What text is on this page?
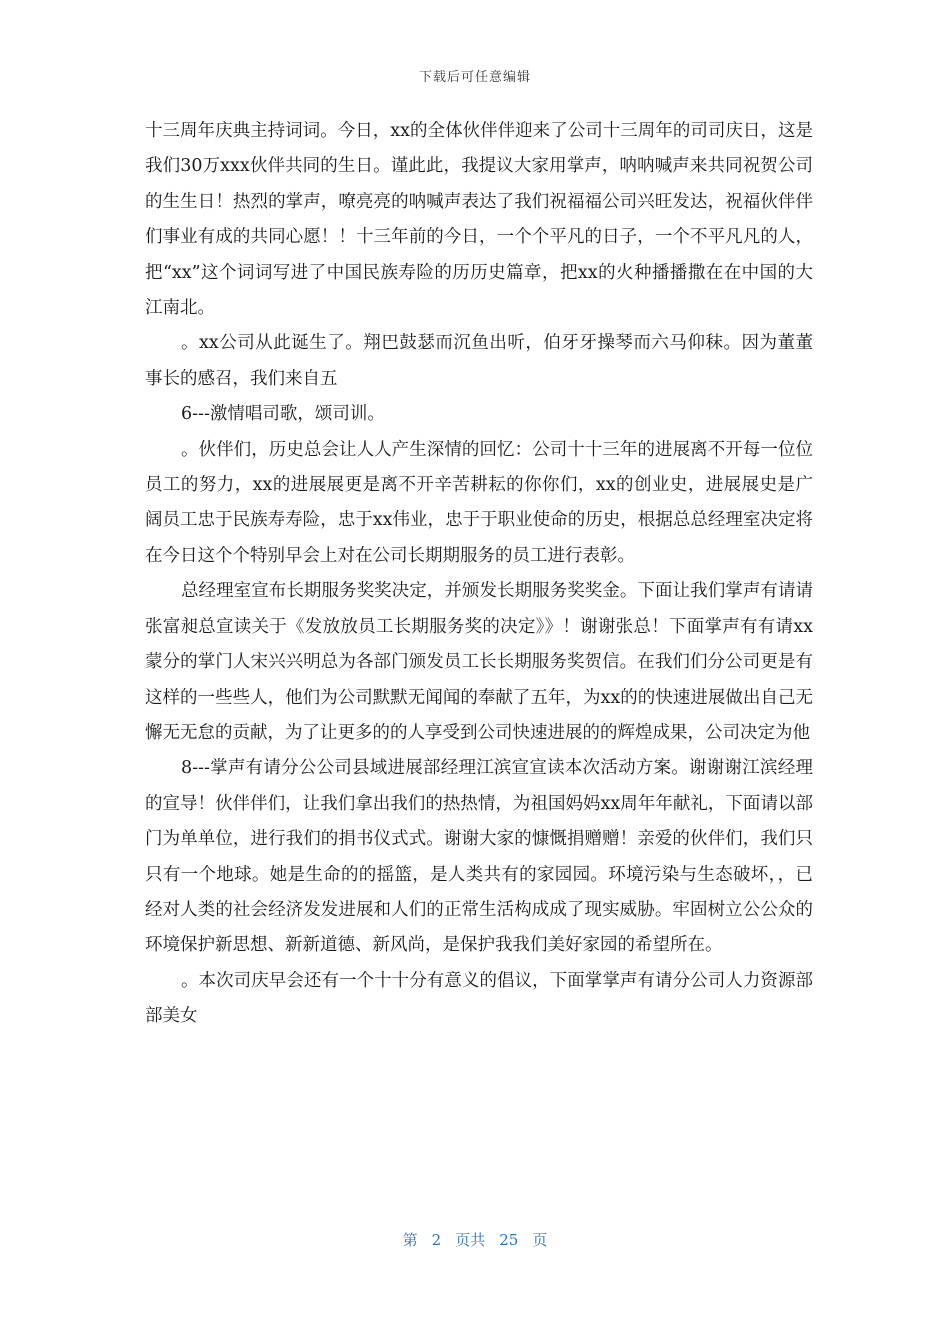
下载后可任意编辑

十三周年庆典主持词词。今日，xx的全体伙伴伴迎来了公司十三周年的司司庆日，这是我们30万xxx伙伴共同的生日。谨此此，我提议大家用掌声，呐呐喊声来共同祝贺公司的生生日！热烈的掌声，嘹亮亮的呐喊声表达了我们祝福福公司兴旺发达，祝福伙伴伴们事业有成的共同心愿！！十三年前的今日，一个个平凡的日子，一个不平凡凡的人，把“xx”这个词词写进了中国民族寿险的历历史篇章，把xx的火种播播撒在在中国的大江南北。

。xx公司从此诞生了。翔巴鼓瑟而沉鱼出听，伯牙牙操琴而六马仰秣。因为董董事长的感召，我们来自五

6---激情唱司歌，颂司训。

。伙伴们，历史总会让人人产生深情的回忆：公司十十三年的进展离不开每一位位员工的努力，xx的进展展更是离不开辛苦耕耘的你你们，xx的创业史，进展展史是广阔员工忠于民族寿寿险，忠于xx伟业，忠于于职业使命的历史，根据总总经理室决定将在今日这个个特别早会上对在公司长期期服务的员工进行表彰。

总经理室宣布长期服务奖奖决定，并颁发长期服务奖奖金。下面让我们掌声有请请张富昶总宣读关于《发放放员工长期服务奖的决定》》！谢谢张总！下面掌声有有请xx蒙分的掌门人宋兴兴明总为各部门颁发员工长长期服务奖贺信。在我们们分公司更是有这样的一些些人，他们为公司默默无闻闻的奉献了五年，为xx的的快速进展做出自己无懈无无怠的贡献，为了让更多的的人享受到公司快速进展的的辉煌成果，公司决定为他

8---掌声有请分公公司县域进展部经理江滨宣宣读本次活动方案。谢谢谢江滨经理的宣导！伙伴伴们，让我们拿出我们的热热情，为祖国妈妈xx周年年献礼，下面请以部门为单单位，进行我们的捐书仪式式。谢谢大家的慷慨捐赠赠！亲爱的伙伴们，我们只只有一个地球。她是生命的的摇篮，是人类共有的家园园。环境污染与生态破坏，，已经对人类的社会经济发发进展和人们的正常生活构成成了现实威胁。牢固树立公公众的环境保护新思想、新新道德、新风尚，是保护我我们美好家园的希望所在。

。本次司庆早会还有一个十十分有意义的倡议，下面掌掌声有请分公司人力资源部部美女

第 2 页共 25 页
